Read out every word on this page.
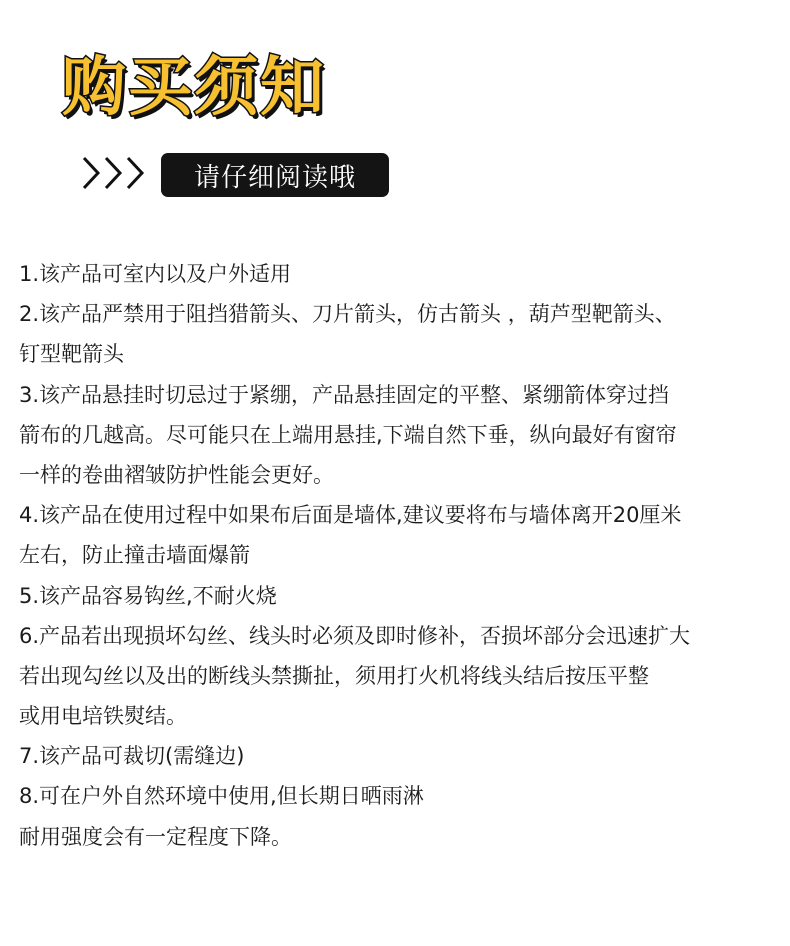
购买须知
请仔细阅读哦
1.该产品可室内以及户外适用
2.该产品严禁用于阻挡猎箭头、刀片箭头，仿古箭头 ，葫芦型靶箭头、
钉型靶箭头
3.该产品悬挂时切忌过于紧绷，产品悬挂固定的平整、紧绷箭体穿过挡
箭布的几越高。尽可能只在上端用悬挂,下端自然下垂，纵向最好有窗帘
一样的卷曲褶皱防护性能会更好。
4.该产品在使用过程中如果布后面是墙体,建议要将布与墙体离开20厘米
左右，防止撞击墙面爆箭
5.该产品容易钩丝,不耐火烧
6.产品若出现损坏勾丝、线头时必须及即时修补，否损坏部分会迅速扩大
若出现勾丝以及出的断线头禁撕扯，须用打火机将线头结后按压平整
或用电培铁熨结。
7.该产品可裁切(需缝边)
8.可在户外自然环境中使用,但长期日晒雨淋
耐用强度会有一定程度下降。
